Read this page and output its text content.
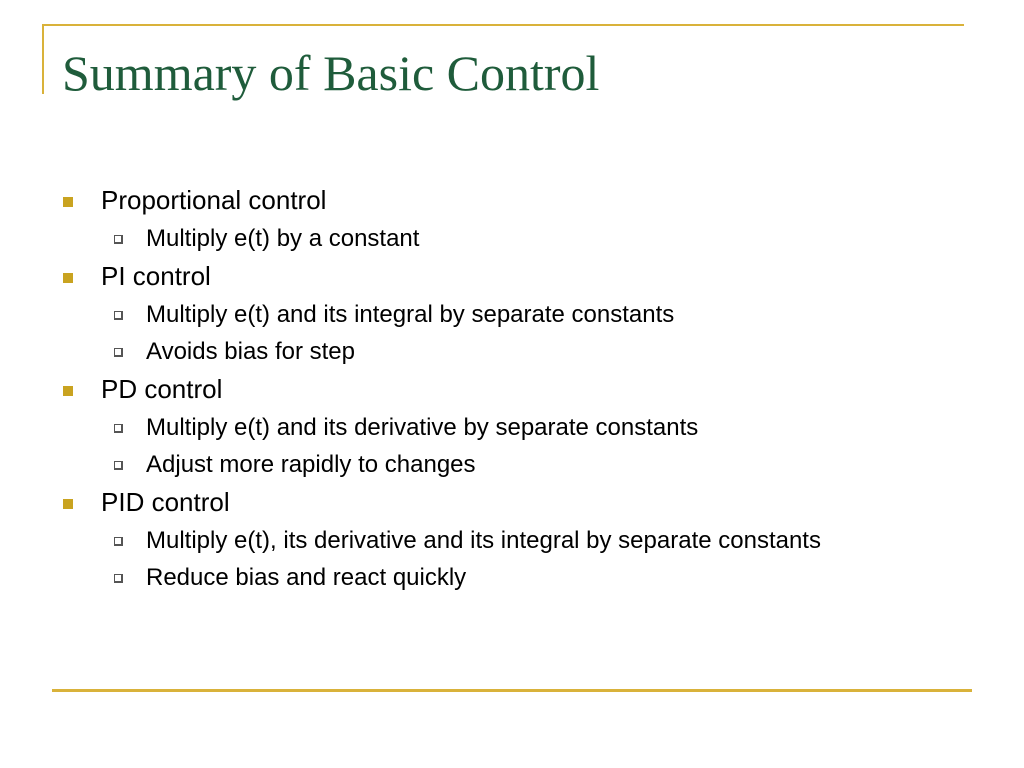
Summary of Basic Control
Proportional control
Multiply e(t) by a constant
PI control
Multiply e(t) and its integral by separate constants
Avoids bias for step
PD control
Multiply e(t) and its derivative by separate constants
Adjust more rapidly to changes
PID control
Multiply e(t), its derivative and its integral by separate constants
Reduce bias and react quickly
